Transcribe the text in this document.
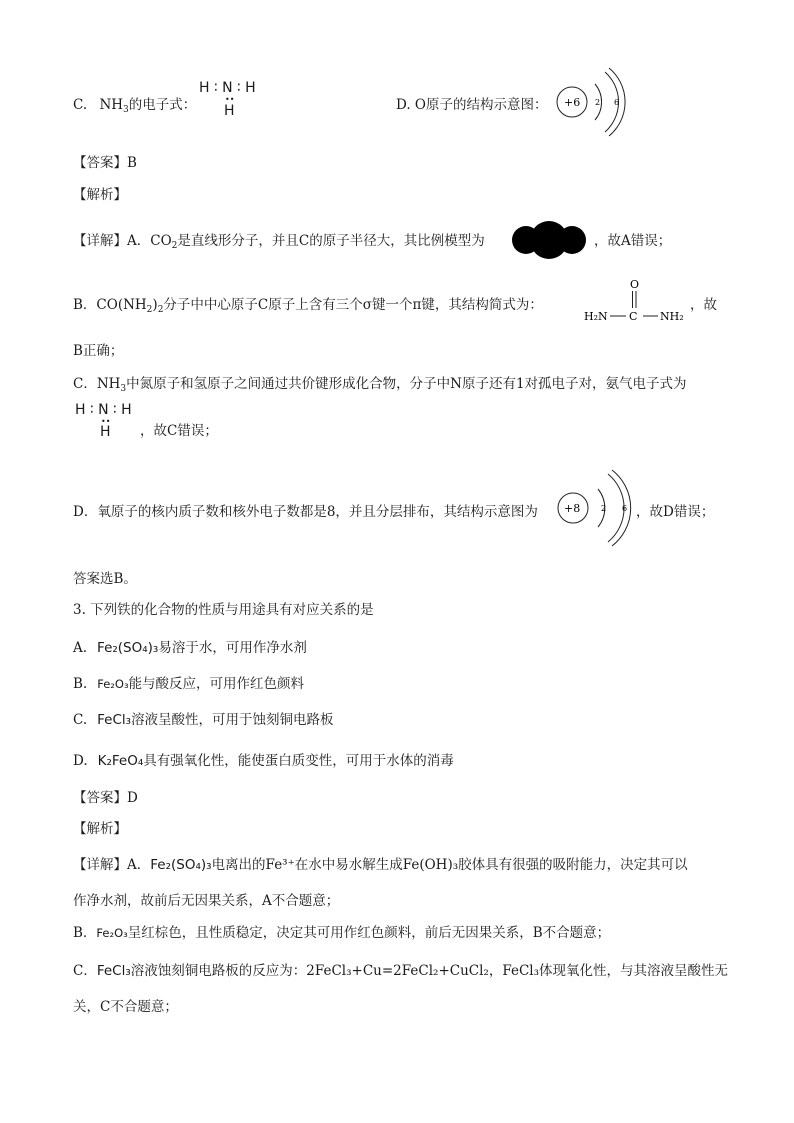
C. $NH_3$的电子式：
H ∶ N ∶ H
••
H	D. O原子的结构示意图： +6 2 6
【答案】B
【解析】
【详解】A．$CO_2$是直线形分子，并且C的原子半径大，其比例模型为	，故A错误；
B．$CO(NH_2)_2$分子中中心原子C原子上含有三个σ键一个π键，其结构简式为：
O
H₂N C NH₂
，故
B正确；
C．$NH_3$中氮原子和氢原子之间通过共价键形成化合物，分子中N原子还有1对孤电子对，氨气电子式为
H ∶ N ∶ H
••
H	，故C错误；
D．氧原子的核内质子数和核外电子数都是8，并且分层排布，其结构示意图为 +8	2 6 ，故D错误；
答案选B。
3. 下列铁的化合物的性质与用途具有对应关系的是
A. Fe₂(SO₄)₃易溶于水，可用作净水剂
B. Fe₂O₃能与酸反应，可用作红色颜料
C. FeCl₃溶液呈酸性，可用于蚀刻铜电路板
D. K₂FeO₄具有强氧化性，能使蛋白质变性，可用于水体的消毒
【答案】D
【解析】
【详解】A．Fe₂(SO₄)₃电离出的Fe³⁺在水中易水解生成Fe(OH)₃胶体具有很强的吸附能力，决定其可以
作净水剂，故前后无因果关系，A不合题意；
B．Fe₂O₃呈红棕色，且性质稳定，决定其可用作红色颜料，前后无因果关系，B不合题意；
C．FeCl₃溶液蚀刻铜电路板的反应为：2FeCl₃+Cu=2FeCl₂+CuCl₂，FeCl₃体现氧化性，与其溶液呈酸性无
关，C不合题意；
